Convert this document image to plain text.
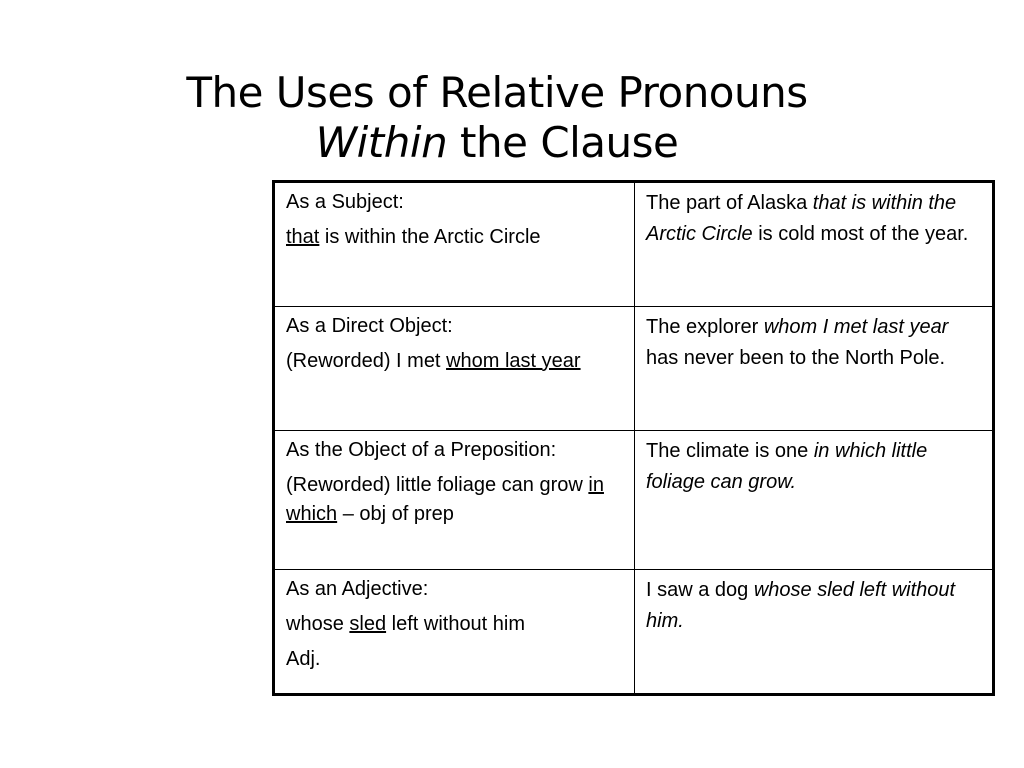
The Uses of Relative Pronouns
Within the Clause

As a Subject:

that is within the Arctic Circle	The part of Alaska that is within the Arctic Circle is cold most of the year.

As a Direct Object:

(Reworded) I met whom last year	The explorer whom I met last year has never been to the North Pole.

As the Object of a Preposition:

(Reworded) little foliage can grow in which – obj of prep	The climate is one in which little foliage can grow.

As an Adjective:

whose sled left without him

Adj.	I saw a dog whose sled left without him.
